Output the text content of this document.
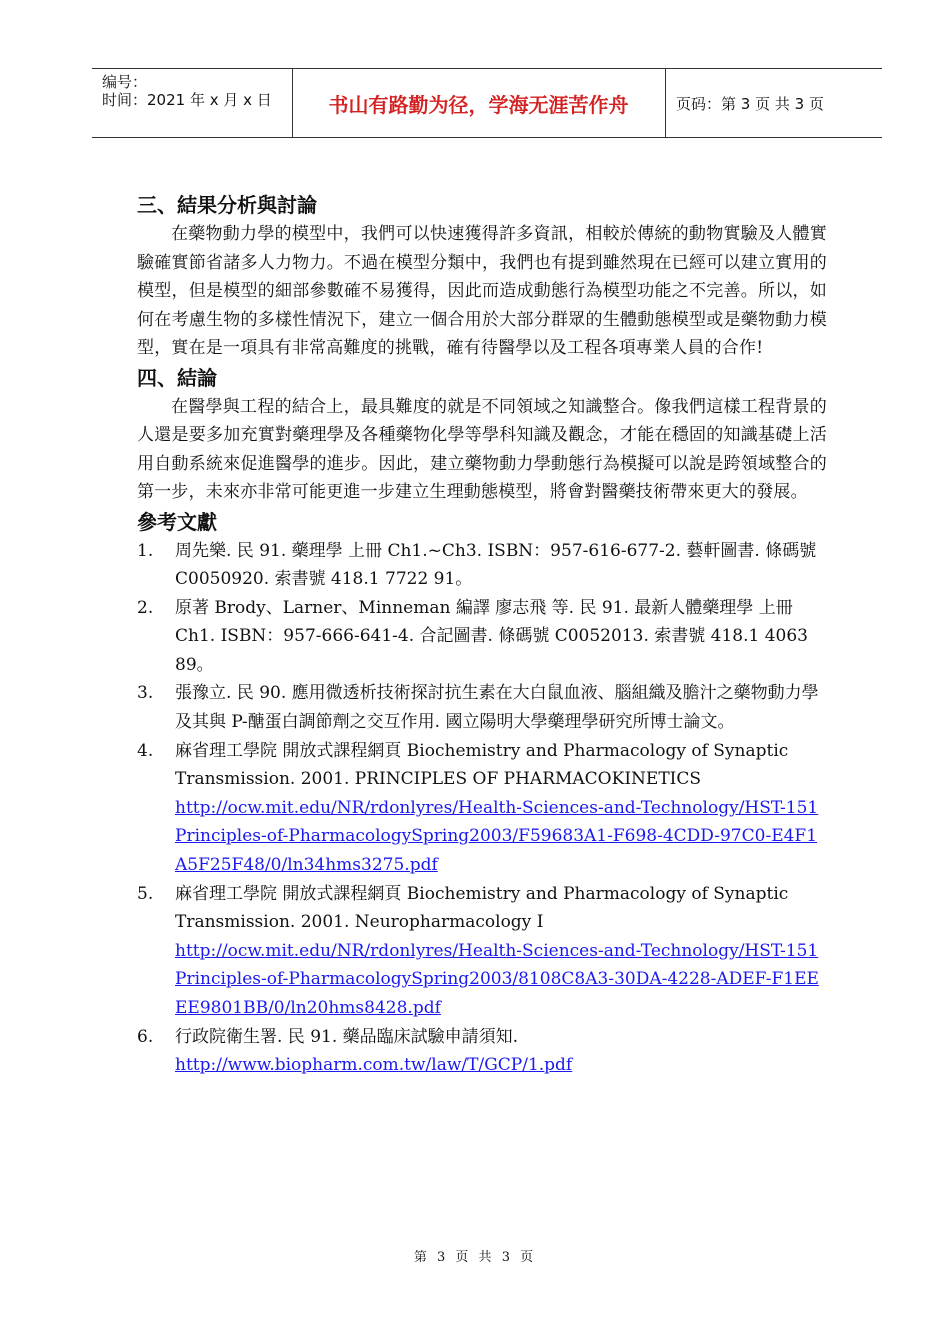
编号：
时间：2021 年 x 月 x 日	书山有路勤为径，学海无涯苦作舟	页码：第 3 页 共 3 页
三、結果分析與討論

在藥物動力學的模型中，我們可以快速獲得許多資訊，相較於傳統的動物實驗及人體實驗確實節省諸多人力物力。不過在模型分類中，我們也有提到雖然現在已經可以建立實用的模型，但是模型的細部參數確不易獲得，因此而造成動態行為模型功能之不完善。所以，如何在考慮生物的多樣性情況下，建立一個合用於大部分群眾的生體動態模型或是藥物動力模型，實在是一項具有非常高難度的挑戰，確有待醫學以及工程各項專業人員的合作!

四、結論

在醫學與工程的結合上，最具難度的就是不同領域之知識整合。像我們這樣工程背景的人還是要多加充實對藥理學及各種藥物化學等學科知識及觀念，才能在穩固的知識基礎上活用自動系統來促進醫學的進步。因此，建立藥物動力學動態行為模擬可以說是跨領域整合的第一步，未來亦非常可能更進一步建立生理動態模型，將會對醫藥技術帶來更大的發展。

參考文獻
1. 周先樂. 民 91. 藥理學 上冊 Ch1.~Ch3. ISBN：957-616-677-2. 藝軒圖書. 條碼號 C0050920. 索書號 418.1 7722 91。
2. 原著 Brody、Larner、Minneman 編譯 廖志飛 等. 民 91. 最新人體藥理學 上冊 Ch1. ISBN：957-666-641-4. 合記圖書. 條碼號 C0052013. 索書號 418.1 4063 89。
3. 張豫立. 民 90. 應用微透析技術探討抗生素在大白鼠血液、腦組織及膽汁之藥物動力學及其與 P-醣蛋白調節劑之交互作用. 國立陽明大學藥理學研究所博士論文。
4. 麻省理工學院 開放式課程網頁 Biochemistry and Pharmacology of Synaptic Transmission. 2001. PRINCIPLES OF PHARMACOKINETICS
http://ocw.mit.edu/NR/rdonlyres/Health-Sciences-and-Technology/HST-151Principles-of-PharmacologySpring2003/F59683A1-F698-4CDD-97C0-E4F1A5F25F48/0/ln34hms3275.pdf
5. 麻省理工學院 開放式課程網頁 Biochemistry and Pharmacology of Synaptic Transmission. 2001. Neuropharmacology I
http://ocw.mit.edu/NR/rdonlyres/Health-Sciences-and-Technology/HST-151Principles-of-PharmacologySpring2003/8108C8A3-30DA-4228-ADEF-F1EEEE9801BB/0/ln20hms8428.pdf
6. 行政院衛生署. 民 91. 藥品臨床試驗申請須知.
http://www.biopharm.com.tw/law/T/GCP/1.pdf
第 3 页 共 3 页
